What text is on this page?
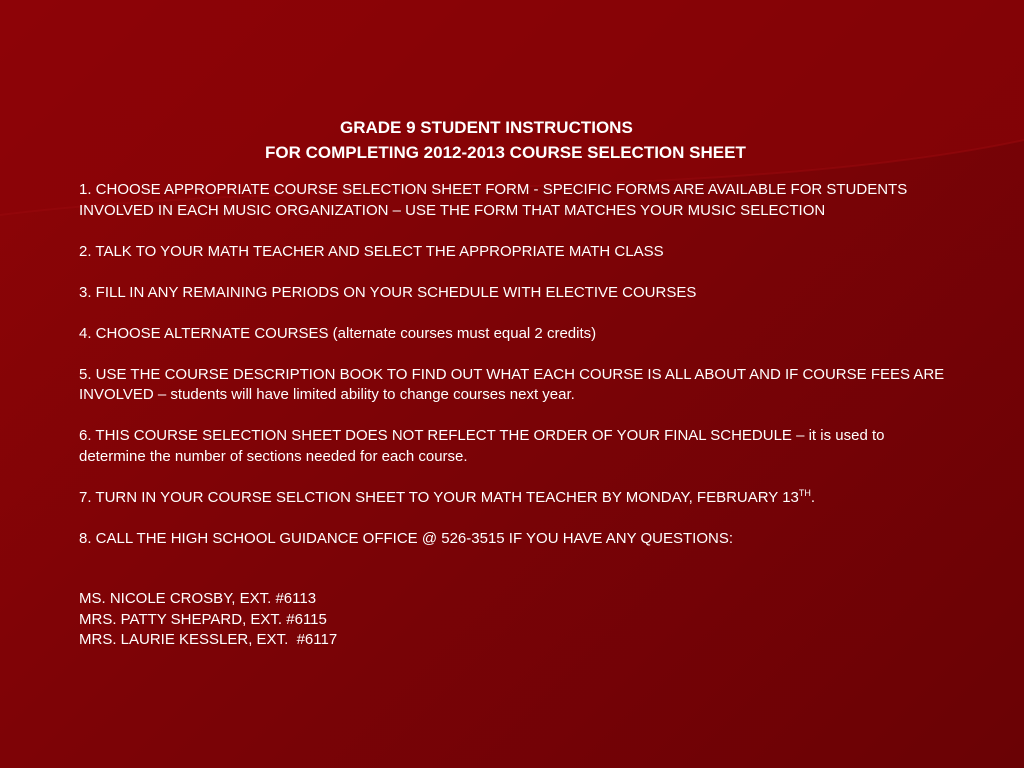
GRADE 9 STUDENT INSTRUCTIONS
FOR COMPLETING 2012-2013 COURSE SELECTION SHEET
1. CHOOSE APPROPRIATE COURSE SELECTION SHEET FORM - SPECIFIC FORMS ARE AVAILABLE FOR STUDENTS INVOLVED IN EACH MUSIC ORGANIZATION – USE THE FORM THAT MATCHES YOUR MUSIC SELECTION
2. TALK TO YOUR MATH TEACHER AND SELECT THE APPROPRIATE MATH CLASS
3. FILL IN ANY REMAINING PERIODS ON YOUR SCHEDULE WITH ELECTIVE COURSES
4. CHOOSE ALTERNATE COURSES (alternate courses must equal 2 credits)
5. USE THE COURSE DESCRIPTION BOOK TO FIND OUT WHAT EACH COURSE IS ALL ABOUT AND IF COURSE FEES ARE INVOLVED – students will have limited ability to change courses next year.
6. THIS COURSE SELECTION SHEET DOES NOT REFLECT THE ORDER OF YOUR FINAL SCHEDULE – it is used to determine the number of sections needed for each course.
7. TURN IN YOUR COURSE SELCTION SHEET TO YOUR MATH TEACHER BY MONDAY, FEBRUARY 13TH.
8. CALL THE HIGH SCHOOL GUIDANCE OFFICE @ 526-3515 IF YOU HAVE ANY QUESTIONS:
MS. NICOLE CROSBY, EXT. #6113
MRS. PATTY SHEPARD, EXT. #6115
MRS. LAURIE KESSLER, EXT.  #6117
